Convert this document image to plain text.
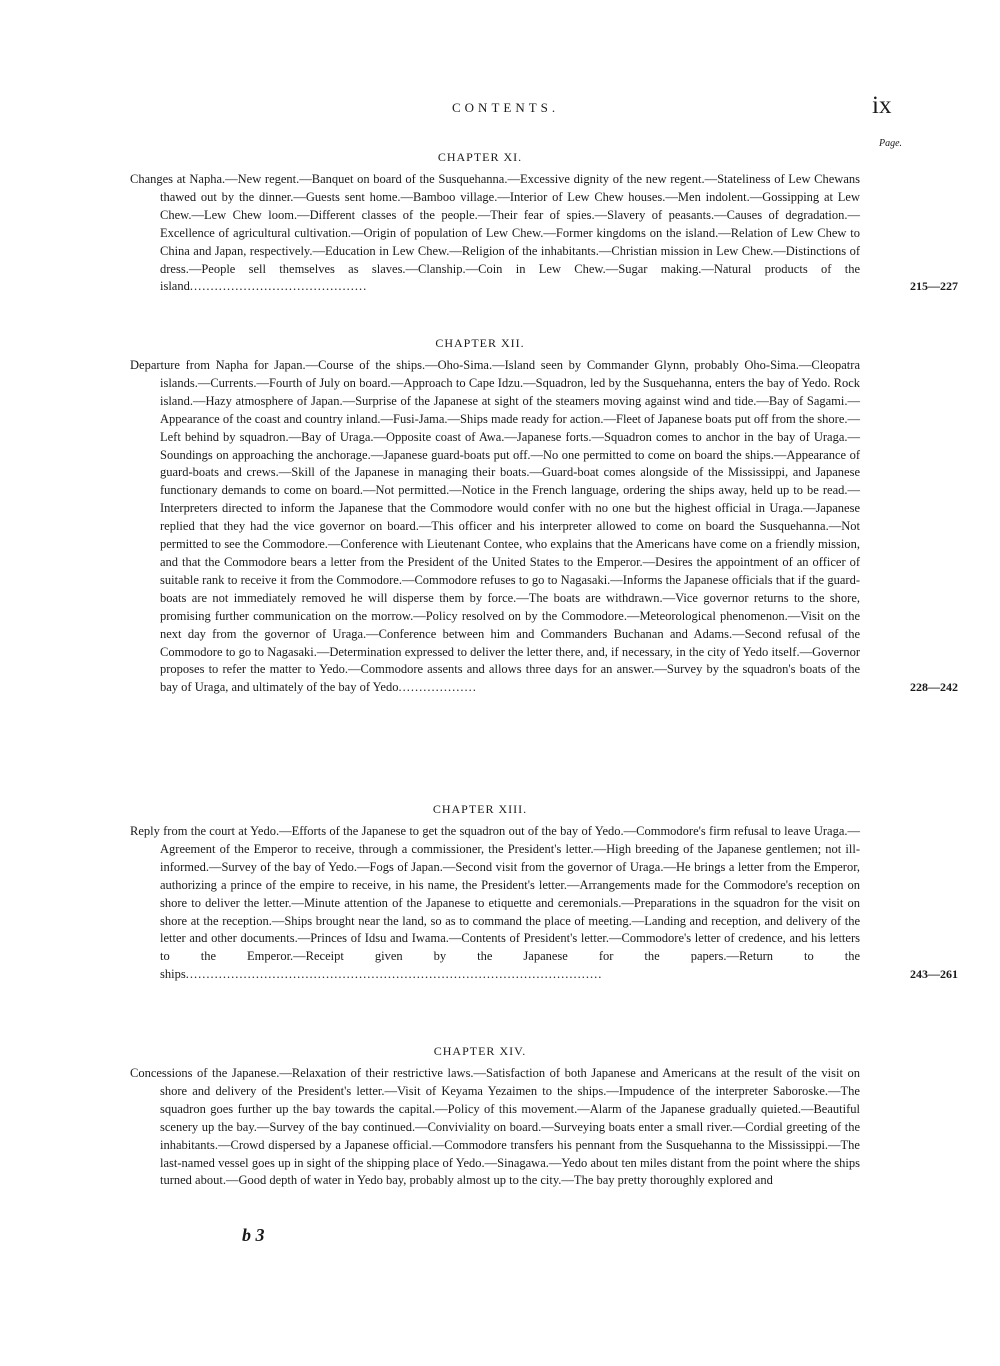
CONTENTS.	ix
Page.
CHAPTER XI.
Changes at Napha.—New regent.—Banquet on board of the Susquehanna.—Excessive dignity of the new regent.—Stateliness of Lew Chewans thawed out by the dinner.—Guests sent home.—Bamboo village.—Interior of Lew Chew houses.—Men indolent.—Gossipping at Lew Chew.—Lew Chew loom.—Different classes of the people.—Their fear of spies.—Slavery of peasants.—Causes of degradation.—Excellence of agricultural cultivation.—Origin of population of Lew Chew.—Former kingdoms on the island.—Relation of Lew Chew to China and Japan, respectively.—Education in Lew Chew.—Religion of the inhabitants.—Christian mission in Lew Chew.—Distinctions of dress.—People sell themselves as slaves.—Clanship.—Coin in Lew Chew.—Sugar making.—Natural products of the island...........................................	215—227
CHAPTER XII.
Departure from Napha for Japan.—Course of the ships.—Oho-Sima.—Island seen by Commander Glynn, probably Oho-Sima.—Cleopatra islands.—Currents.—Fourth of July on board.—Approach to Cape Idzu.—Squadron, led by the Susquehanna, enters the bay of Yedo. Rock island.—Hazy atmosphere of Japan.—Surprise of the Japanese at sight of the steamers moving against wind and tide.—Bay of Sagami.—Appearance of the coast and country inland.—Fusi-Jama.—Ships made ready for action.—Fleet of Japanese boats put off from the shore.—Left behind by squadron.—Bay of Uraga.—Opposite coast of Awa.—Japanese forts.—Squadron comes to anchor in the bay of Uraga.—Soundings on approaching the anchorage.—Japanese guard-boats put off.—No one permitted to come on board the ships.—Appearance of guard-boats and crews.—Skill of the Japanese in managing their boats.—Guard-boat comes alongside of the Mississippi, and Japanese functionary demands to come on board.—Not permitted.—Notice in the French language, ordering the ships away, held up to be read.—Interpreters directed to inform the Japanese that the Commodore would confer with no one but the highest official in Uraga.—Japanese replied that they had the vice governor on board.—This officer and his interpreter allowed to come on board the Susquehanna.—Not permitted to see the Commodore.—Conference with Lieutenant Contee, who explains that the Americans have come on a friendly mission, and that the Commodore bears a letter from the President of the United States to the Emperor.—Desires the appointment of an officer of suitable rank to receive it from the Commodore.—Commodore refuses to go to Nagasaki.—Informs the Japanese officials that if the guard-boats are not immediately removed he will disperse them by force.—The boats are withdrawn.—Vice governor returns to the shore, promising further communication on the morrow.—Policy resolved on by the Commodore.—Meteorological phenomenon.—Visit on the next day from the governor of Uraga.—Conference between him and Commanders Buchanan and Adams.—Second refusal of the Commodore to go to Nagasaki.—Determination expressed to deliver the letter there, and, if necessary, in the city of Yedo itself.—Governor proposes to refer the matter to Yedo.—Commodore assents and allows three days for an answer.—Survey by the squadron's boats of the bay of Uraga, and ultimately of the bay of Yedo...................	228—242
CHAPTER XIII.
Reply from the court at Yedo.—Efforts of the Japanese to get the squadron out of the bay of Yedo.—Commodore's firm refusal to leave Uraga.—Agreement of the Emperor to receive, through a commissioner, the President's letter.—High breeding of the Japanese gentlemen; not ill-informed.—Survey of the bay of Yedo.—Fogs of Japan.—Second visit from the governor of Uraga.—He brings a letter from the Emperor, authorizing a prince of the empire to receive, in his name, the President's letter.—Arrangements made for the Commodore's reception on shore to deliver the letter.—Minute attention of the Japanese to etiquette and ceremonials.—Preparations in the squadron for the visit on shore at the reception.—Ships brought near the land, so as to command the place of meeting.—Landing and reception, and delivery of the letter and other documents.—Princes of Idsu and Iwama.—Contents of President's letter.—Commodore's letter of credence, and his letters to the Emperor.—Receipt given by the Japanese for the papers.—Return to the ships.....................................................................................................	243—261
CHAPTER XIV.
Concessions of the Japanese.—Relaxation of their restrictive laws.—Satisfaction of both Japanese and Americans at the result of the visit on shore and delivery of the President's letter.—Visit of Keyama Yezaimen to the ships.—Impudence of the interpreter Saboroske.—The squadron goes further up the bay towards the capital.—Policy of this movement.—Alarm of the Japanese gradually quieted.—Beautiful scenery up the bay.—Survey of the bay continued.—Conviviality on board.—Surveying boats enter a small river.—Cordial greeting of the inhabitants.—Crowd dispersed by a Japanese official.—Commodore transfers his pennant from the Susquehanna to the Mississippi.—The last-named vessel goes up in sight of the shipping place of Yedo.—Sinagawa.—Yedo about ten miles distant from the point where the ships turned about.—Good depth of water in Yedo bay, probably almost up to the city.—The bay pretty thoroughly explored and
b 3
